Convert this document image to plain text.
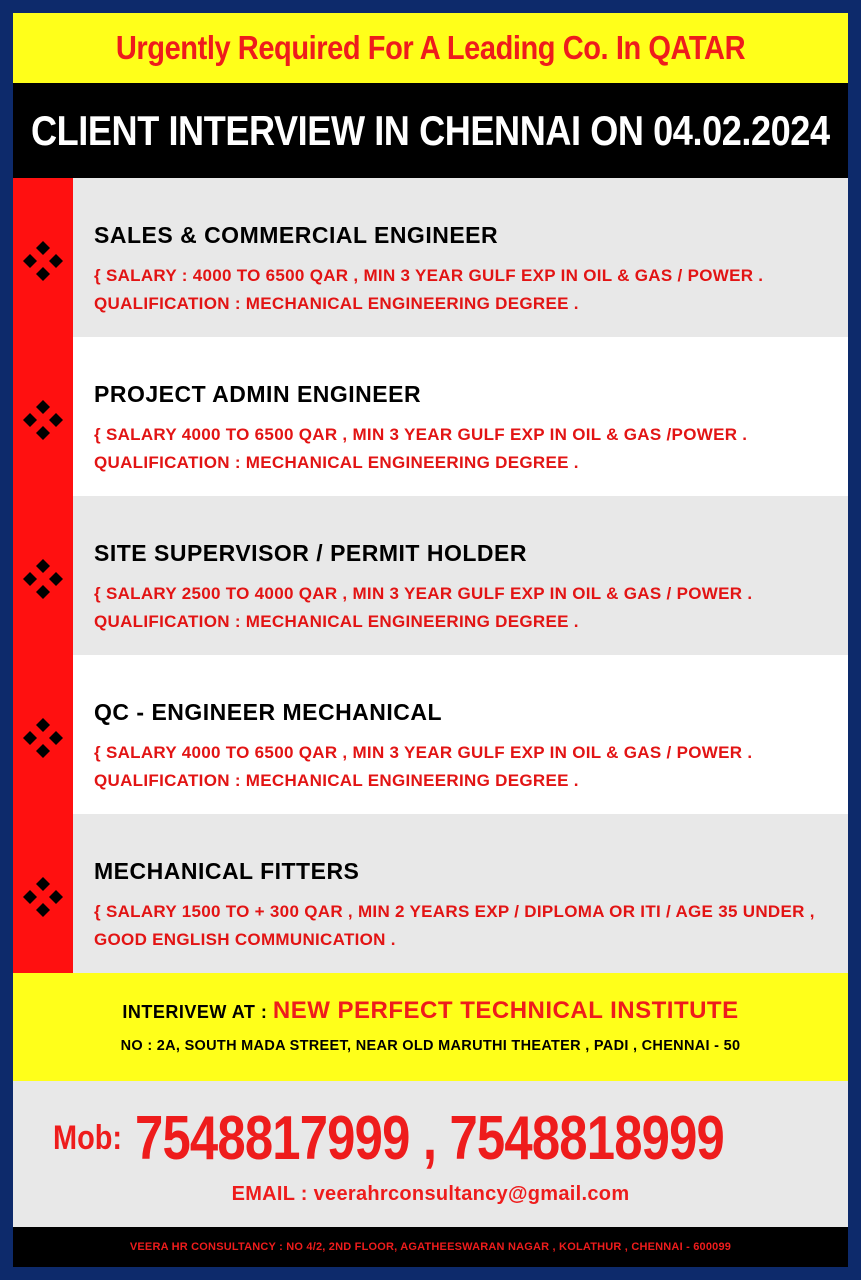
Urgently Required For A Leading Co. In QATAR
CLIENT INTERVIEW IN CHENNAI ON 04.02.2024
SALES & COMMERCIAL ENGINEER
{ SALARY : 4000 TO 6500 QAR , MIN 3 YEAR GULF EXP IN OIL & GAS / POWER . QUALIFICATION : MECHANICAL ENGINEERING DEGREE .
PROJECT ADMIN ENGINEER
{ SALARY 4000 TO 6500 QAR , MIN 3 YEAR GULF EXP IN OIL & GAS /POWER . QUALIFICATION : MECHANICAL ENGINEERING DEGREE .
SITE SUPERVISOR / PERMIT HOLDER
{ SALARY 2500 TO 4000 QAR , MIN 3 YEAR GULF EXP IN OIL & GAS / POWER . QUALIFICATION : MECHANICAL ENGINEERING DEGREE .
QC - ENGINEER MECHANICAL
{ SALARY 4000 TO 6500 QAR , MIN 3 YEAR GULF EXP IN OIL & GAS / POWER . QUALIFICATION : MECHANICAL ENGINEERING DEGREE .
MECHANICAL FITTERS
{ SALARY 1500 TO + 300 QAR , MIN 2 YEARS EXP / DIPLOMA OR ITI / AGE 35 UNDER , GOOD ENGLISH COMMUNICATION .
INTERIVEW AT : NEW PERFECT TECHNICAL INSTITUTE
NO : 2A, SOUTH MADA STREET, NEAR OLD MARUTHI THEATER , PADI , CHENNAI - 50
Mob: 7548817999 , 7548818999
EMAIL : veerahrconsultancy@gmail.com
VEERA HR CONSULTANCY : NO 4/2, 2ND FLOOR, AGATHEESWARAN NAGAR , KOLATHUR , CHENNAI - 600099
